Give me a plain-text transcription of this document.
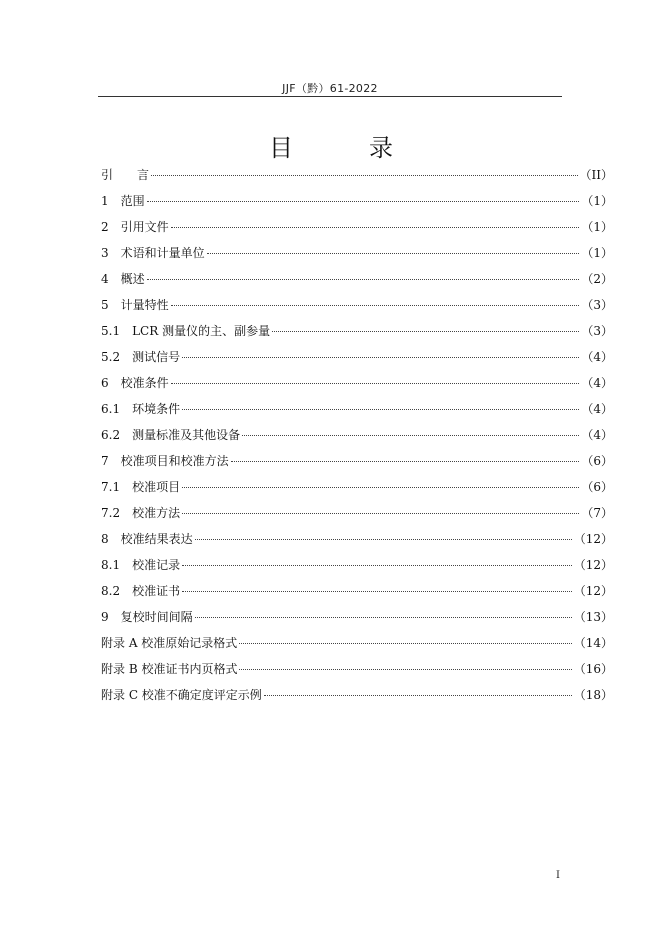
JJF（黔）61-2022
目　录
引　　言	（II）
1　范围	（1）
2　引用文件	（1）
3　术语和计量单位	（1）
4　概述	（2）
5　计量特性	（3）
5.1　LCR 测量仪的主、副参量	（3）
5.2　测试信号	（4）
6　校准条件	（4）
6.1　环境条件	（4）
6.2　测量标准及其他设备	（4）
7　校准项目和校准方法	（6）
7.1　校准项目	（6）
7.2　校准方法	（7）
8　校准结果表达	（12）
8.1　校准记录	（12）
8.2　校准证书	（12）
9　复校时间间隔	（13）
附录 A 校准原始记录格式	（14）
附录 B 校准证书内页格式	（16）
附录 C 校准不确定度评定示例	（18）
I
